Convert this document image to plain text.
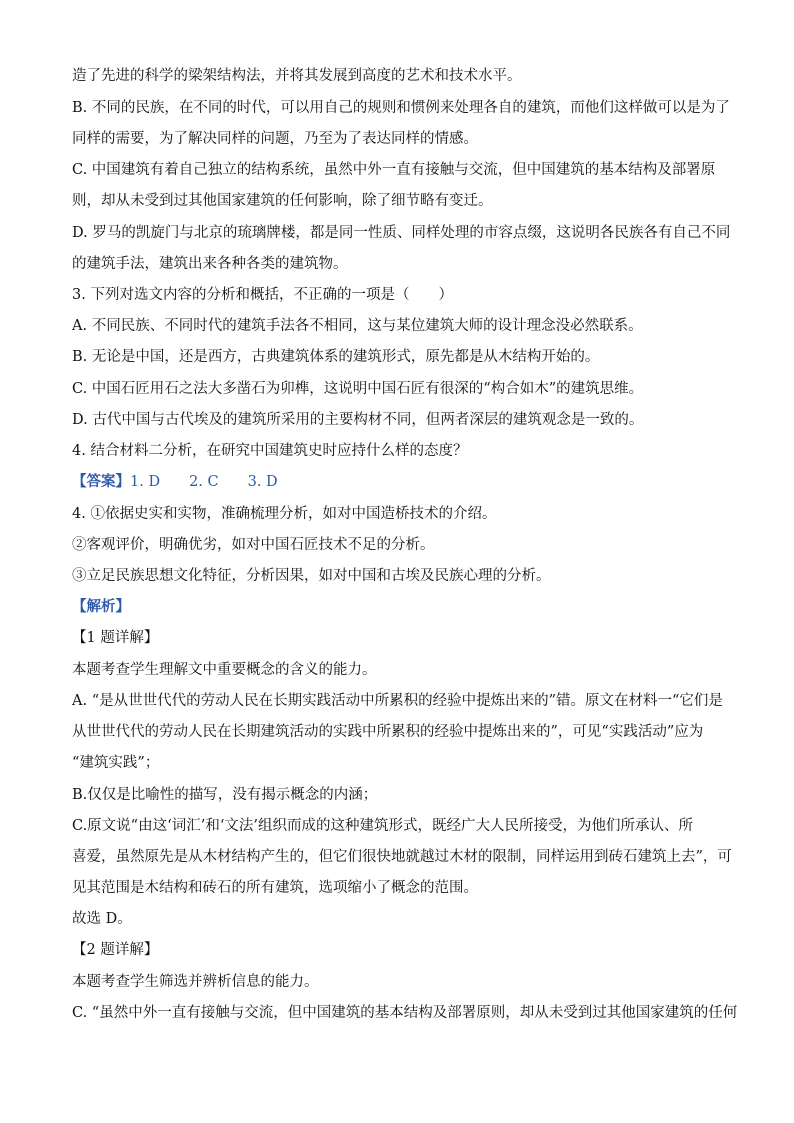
造了先进的科学的梁架结构法，并将其发展到高度的艺术和技术水平。
B. 不同的民族，在不同的时代，可以用自己的规则和惯例来处理各自的建筑，而他们这样做可以是为了
同样的需要，为了解决同样的问题，乃至为了表达同样的情感。
C. 中国建筑有着自己独立的结构系统，虽然中外一直有接触与交流，但中国建筑的基本结构及部署原
则，却从未受到过其他国家建筑的任何影响，除了细节略有变迁。
D. 罗马的凯旋门与北京的琉璃牌楼，都是同一性质、同样处理的市容点缀，这说明各民族各有自己不同
的建筑手法，建筑出来各种各类的建筑物。
3. 下列对选文内容的分析和概括，不正确的一项是（　　）
A. 不同民族、不同时代的建筑手法各不相同，这与某位建筑大师的设计理念没必然联系。
B. 无论是中国，还是西方，古典建筑体系的建筑形式，原先都是从木结构开始的。
C. 中国石匠用石之法大多凿石为卯榫，这说明中国石匠有很深的“构合如木”的建筑思维。
D. 古代中国与古代埃及的建筑所采用的主要构材不同，但两者深层的建筑观念是一致的。
4. 结合材料二分析，在研究中国建筑史时应持什么样的态度？
【答案】1. D　　2. C　　3. D
4. ①依据史实和实物，准确梳理分析，如对中国造桥技术的介绍。
②客观评价，明确优劣，如对中国石匠技术不足的分析。
③立足民族思想文化特征，分析因果，如对中国和古埃及民族心理的分析。
【解析】
【1 题详解】
本题考查学生理解文中重要概念的含义的能力。
A. “是从世世代代的劳动人民在长期实践活动中所累积的经验中提炼出来的”错。原文在材料一“它们是
从世世代代的劳动人民在长期建筑活动的实践中所累积的经验中提炼出来的”，可见“实践活动”应为
“建筑实践”；
B.仅仅是比喻性的描写，没有揭示概念的内涵；
C.原文说“由这‘词汇’和‘文法’组织而成的这种建筑形式，既经广大人民所接受，为他们所承认、所
喜爱，虽然原先是从木材结构产生的，但它们很快地就越过木材的限制，同样运用到砖石建筑上去”，可
见其范围是木结构和砖石的所有建筑，选项缩小了概念的范围。
故选 D。
【2 题详解】
本题考查学生筛选并辨析信息的能力。
C. “虽然中外一直有接触与交流，但中国建筑的基本结构及部署原则，却从未受到过其他国家建筑的任何
